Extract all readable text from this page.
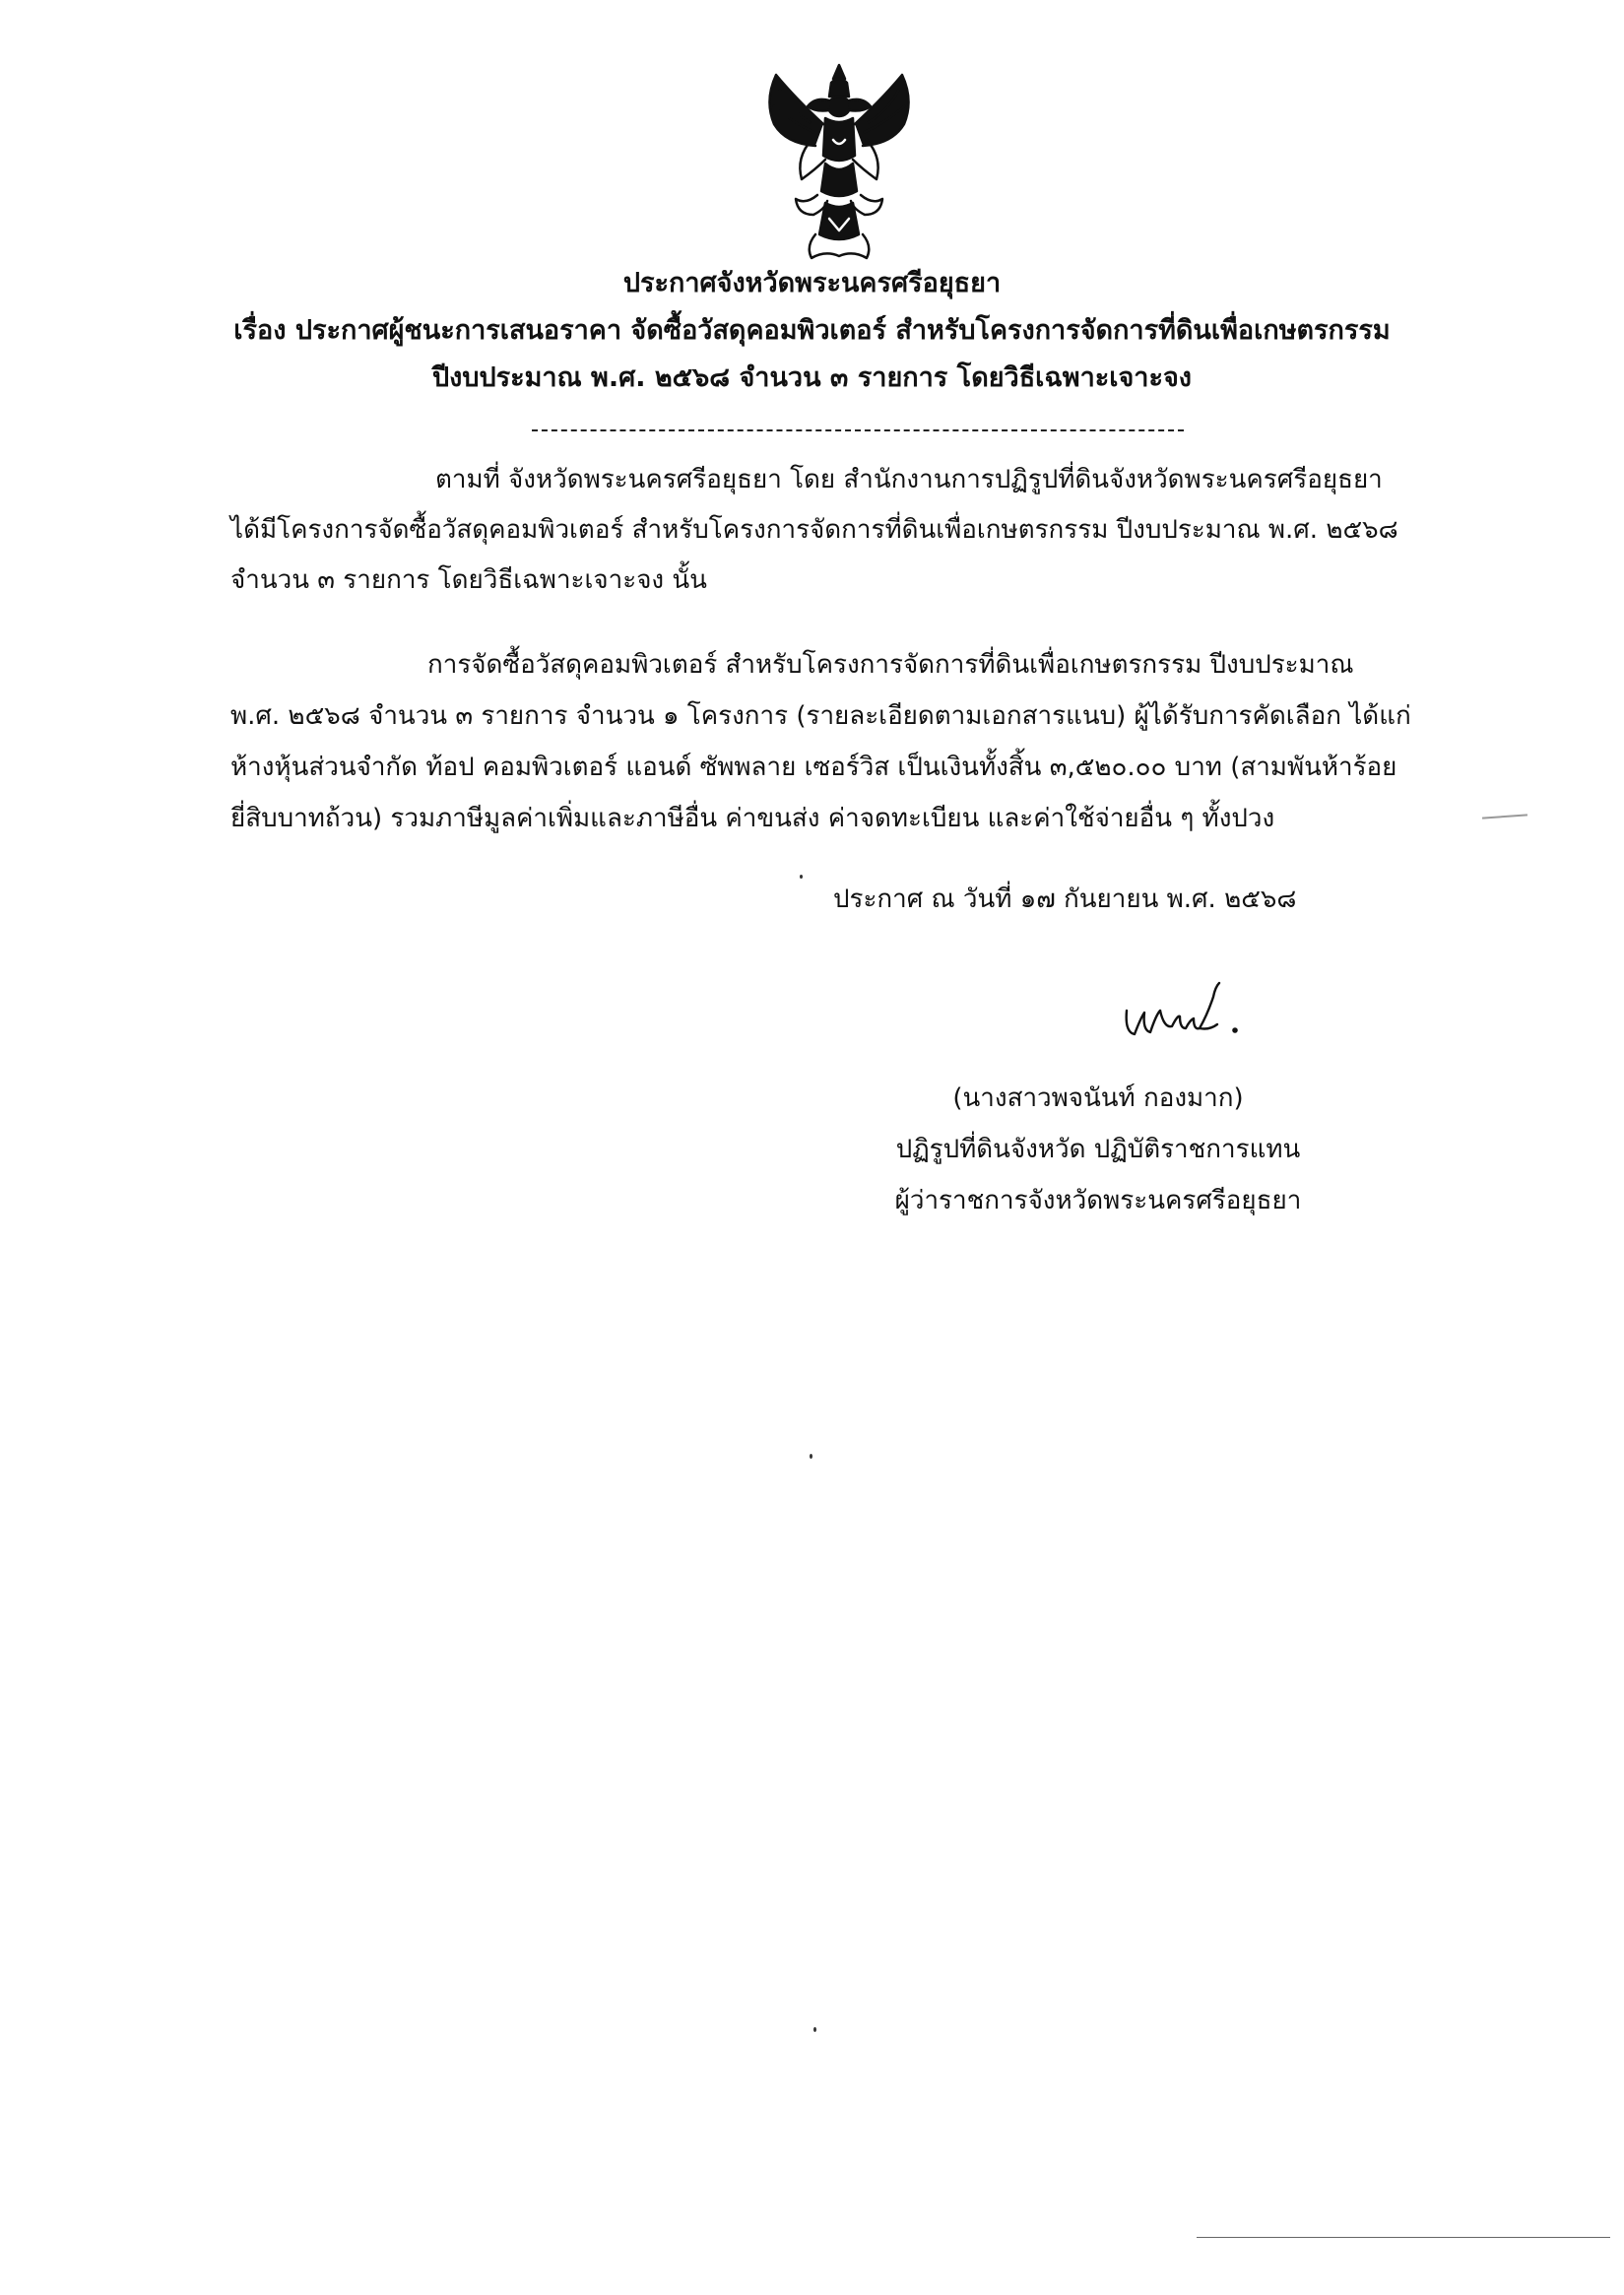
ประกาศจังหวัดพระนครศรีอยุธยา
เรื่อง ประกาศผู้ชนะการเสนอราคา จัดซื้อวัสดุคอมพิวเตอร์ สำหรับโครงการจัดการที่ดินเพื่อเกษตรกรรม
ปีงบประมาณ พ.ศ. ๒๕๖๘ จำนวน ๓ รายการ โดยวิธีเฉพาะเจาะจง
ตามที่ จังหวัดพระนครศรีอยุธยา โดย สำนักงานการปฏิรูปที่ดินจังหวัดพระนครศรีอยุธยา
ได้มีโครงการจัดซื้อวัสดุคอมพิวเตอร์ สำหรับโครงการจัดการที่ดินเพื่อเกษตรกรรม ปีงบประมาณ พ.ศ. ๒๕๖๘
จำนวน ๓ รายการ โดยวิธีเฉพาะเจาะจง นั้น
การจัดซื้อวัสดุคอมพิวเตอร์ สำหรับโครงการจัดการที่ดินเพื่อเกษตรกรรม ปีงบประมาณ
พ.ศ. ๒๕๖๘ จำนวน ๓ รายการ จำนวน ๑ โครงการ (รายละเอียดตามเอกสารแนบ) ผู้ได้รับการคัดเลือก ได้แก่
ห้างหุ้นส่วนจำกัด ท้อป คอมพิวเตอร์ แอนด์ ซัพพลาย เซอร์วิส เป็นเงินทั้งสิ้น ๓,๕๒๐.๐๐ บาท (สามพันห้าร้อย
ยี่สิบบาทถ้วน) รวมภาษีมูลค่าเพิ่มและภาษีอื่น ค่าขนส่ง ค่าจดทะเบียน และค่าใช้จ่ายอื่น ๆ ทั้งปวง
ประกาศ ณ วันที่ ๑๗ กันยายน พ.ศ. ๒๕๖๘
(นางสาวพจนันท์ กองมาก)
ปฏิรูปที่ดินจังหวัด ปฏิบัติราชการแทน
ผู้ว่าราชการจังหวัดพระนครศรีอยุธยา
